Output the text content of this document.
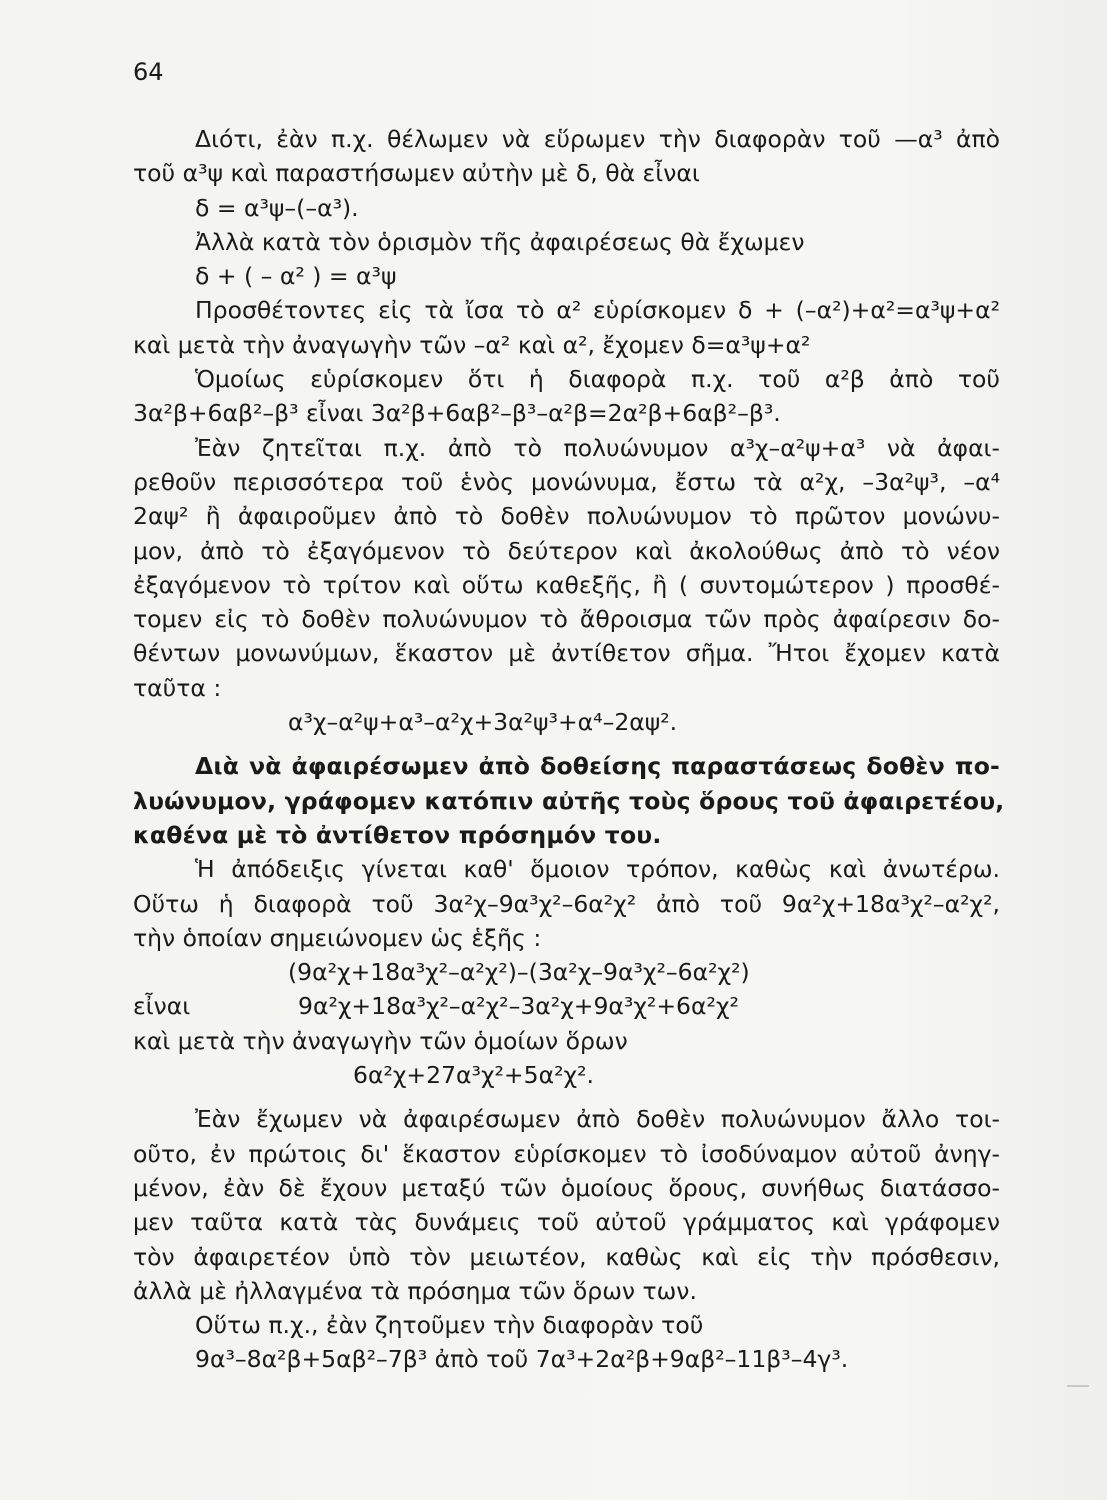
64
Διότι, ἐὰν π.χ. θέλωμεν νὰ εὕρωμεν τὴν διαφορὰν τοῦ —α³ ἀπὸ
τοῦ α³ψ καὶ παραστήσωμεν αὐτὴν μὲ δ, θὰ εἶναι
δ = α³ψ–(–α³).
Ἀλλὰ κατὰ τὸν ὁρισμὸν τῆς ἀφαιρέσεως θὰ ἔχωμεν
δ + ( – α² ) = α³ψ
Προσθέτοντες εἰς τὰ ἴσα τὸ α² εὑρίσκομεν δ + (–α²)+α²=α³ψ+α²
καὶ μετὰ τὴν ἀναγωγὴν τῶν –α² καὶ α², ἔχομεν δ=α³ψ+α²
Ὁμοίως εὑρίσκομεν ὅτι ἡ διαφορὰ π.χ. τοῦ α²β ἀπὸ τοῦ
3α²β+6αβ²–β³ εἶναι 3α²β+6αβ²–β³–α²β=2α²β+6αβ²–β³.
Ἐὰν ζητεῖται π.χ. ἀπὸ τὸ πολυώνυμον α³χ–α²ψ+α³ νὰ ἀφαι-
ρεθοῦν περισσότερα τοῦ ἑνὸς μονώνυμα, ἔστω τὰ α²χ, –3α²ψ³, –α⁴
2αψ² ἢ ἀφαιροῦμεν ἀπὸ τὸ δοθὲν πολυώνυμον τὸ πρῶτον μονώνυ-
μον, ἀπὸ τὸ ἐξαγόμενον τὸ δεύτερον καὶ ἀκολούθως ἀπὸ τὸ νέον
ἐξαγόμενον τὸ τρίτον καὶ οὕτω καθεξῆς, ἢ ( συντομώτερον ) προσθέ-
τομεν εἰς τὸ δοθὲν πολυώνυμον τὸ ἄθροισμα τῶν πρὸς ἀφαίρεσιν δο-
θέντων μονωνύμων, ἕκαστον μὲ ἀντίθετον σῆμα. Ἤτοι ἔχομεν κατὰ
ταῦτα :
α³χ–α²ψ+α³–α²χ+3α²ψ³+α⁴–2αψ².
Διὰ νὰ ἀφαιρέσωμεν ἀπὸ δοθείσης παραστάσεως δοθὲν πο-
λυώνυμον, γράφομεν κατόπιν αὐτῆς τοὺς ὅρους τοῦ ἀφαιρετέου,
καθένα μὲ τὸ ἀντίθετον πρόσημόν του.
Ἡ ἀπόδειξις γίνεται καθ' ὅμοιον τρόπον, καθὼς καὶ ἀνωτέρω.
Οὕτω ἡ διαφορὰ τοῦ 3α²χ–9α³χ²–6α²χ² ἀπὸ τοῦ 9α²χ+18α³χ²–α²χ²,
τὴν ὁποίαν σημειώνομεν ὡς ἑξῆς :
(9α²χ+18α³χ²–α²χ²)–(3α²χ–9α³χ²–6α²χ²)
εἶναι	9α²χ+18α³χ²–α²χ²–3α²χ+9α³χ²+6α²χ²
καὶ μετὰ τὴν ἀναγωγὴν τῶν ὁμοίων ὅρων
6α²χ+27α³χ²+5α²χ².
Ἐὰν ἔχωμεν νὰ ἀφαιρέσωμεν ἀπὸ δοθὲν πολυώνυμον ἄλλο τοι-
οῦτο, ἐν πρώτοις δι' ἕκαστον εὑρίσκομεν τὸ ἰσοδύναμον αὐτοῦ ἀνηγ-
μένον, ἐὰν δὲ ἔχουν μεταξύ τῶν ὁμοίους ὅρους, συνήθως διατάσσο-
μεν ταῦτα κατὰ τὰς δυνάμεις τοῦ αὐτοῦ γράμματος καὶ γράφομεν
τὸν ἀφαιρετέον ὑπὸ τὸν μειωτέον, καθὼς καὶ εἰς τὴν πρόσθεσιν,
ἀλλὰ μὲ ἠλλαγμένα τὰ πρόσημα τῶν ὅρων των.
Οὕτω π.χ., ἐὰν ζητοῦμεν τὴν διαφορὰν τοῦ
9α³–8α²β+5αβ²–7β³ ἀπὸ τοῦ 7α³+2α²β+9αβ²–11β³–4γ³.
